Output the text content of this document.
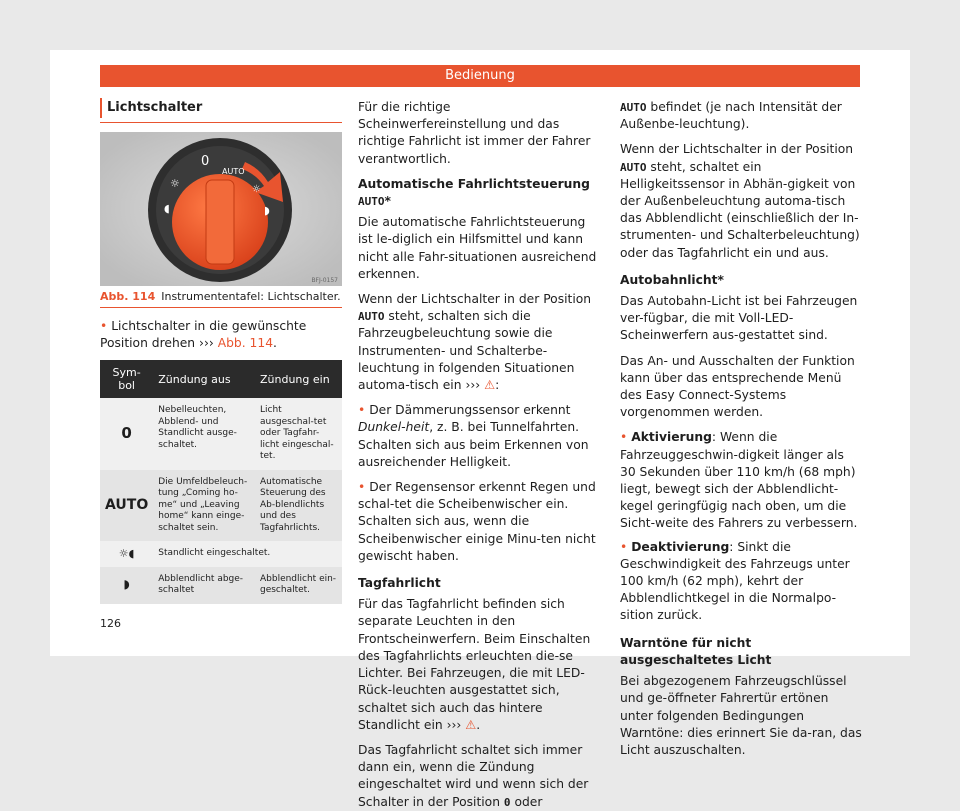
Bedienung
Lichtschalter
0
AUTO
☼
◖
☼
◗
BFJ-0157
Abb. 114 Instrumententafel: Lichtschalter.
• Lichtschalter in die gewünschte Position drehen ››› Abb. 114.
Sym-bol	Zündung aus	Zündung ein
0	Nebelleuchten, Abblend- und Standlicht ausge-schaltet.	Licht ausgeschal-tet oder Tagfahr-licht eingeschal-tet.
AUTO	Die Umfeldbeleuch-tung „Coming ho-me“ und „Leaving home“ kann einge-schaltet sein.	Automatische Steuerung des Ab-blendlichts und des Tagfahrlichts.
☼◖	Standlicht eingeschaltet.	
◗	Abblendlicht abge-schaltet	Abblendlicht ein-geschaltet.

Für die richtige Scheinwerfereinstellung und das richtige Fahrlicht ist immer der Fahrer verantwortlich.

Automatische Fahrlichtsteuerung AUTO*

Die automatische Fahrlichtsteuerung ist le-diglich ein Hilfsmittel und kann nicht alle Fahr-situationen ausreichend erkennen.

Wenn der Lichtschalter in der Position AUTO steht, schalten sich die Fahrzeugbeleuchtung sowie die Instrumenten- und Schalterbe-leuchtung in folgenden Situationen automa-tisch ein ››› ⚠:

• Der Dämmerungssensor erkennt Dunkel-heit, z. B. bei Tunnelfahrten. Schalten sich aus beim Erkennen von ausreichender Helligkeit.

• Der Regensensor erkennt Regen und schal-tet die Scheibenwischer ein. Schalten sich aus, wenn die Scheibenwischer einige Minu-ten nicht gewischt haben.

Tagfahrlicht

Für das Tagfahrlicht befinden sich separate Leuchten in den Frontscheinwerfern. Beim Einschalten des Tagfahrlichts erleuchten die-se Lichter. Bei Fahrzeugen, die mit LED-Rück-leuchten ausgestattet sich, schaltet sich auch das hintere Standlicht ein ››› ⚠.

Das Tagfahrlicht schaltet sich immer dann ein, wenn die Zündung eingeschaltet wird und wenn sich der Schalter in der Position 0 oder

AUTO befindet (je nach Intensität der Außenbe-leuchtung).

Wenn der Lichtschalter in der Position AUTO steht, schaltet ein Helligkeitssensor in Abhän-gigkeit von der Außenbeleuchtung automa-tisch das Abblendlicht (einschließlich der In-strumenten- und Schalterbeleuchtung) oder das Tagfahrlicht ein und aus.

Autobahnlicht*

Das Autobahn-Licht ist bei Fahrzeugen ver-fügbar, die mit Voll-LED-Scheinwerfern aus-gestattet sind.

Das An- und Ausschalten der Funktion kann über das entsprechende Menü des Easy Connect-Systems vorgenommen werden.

• Aktivierung: Wenn die Fahrzeuggeschwin-digkeit länger als 30 Sekunden über 110 km/h (68 mph) liegt, bewegt sich der Abblendlicht-kegel geringfügig nach oben, um die Sicht-weite des Fahrers zu verbessern.

• Deaktivierung: Sinkt die Geschwindigkeit des Fahrzeugs unter 100 km/h (62 mph), kehrt der Abblendlichtkegel in die Normalpo-sition zurück.

Warntöne für nicht ausgeschaltetes Licht

Bei abgezogenem Fahrzeugschlüssel und ge-öffneter Fahrertür ertönen unter folgenden Bedingungen Warntöne: dies erinnert Sie da-ran, das Licht auszuschalten.

126
